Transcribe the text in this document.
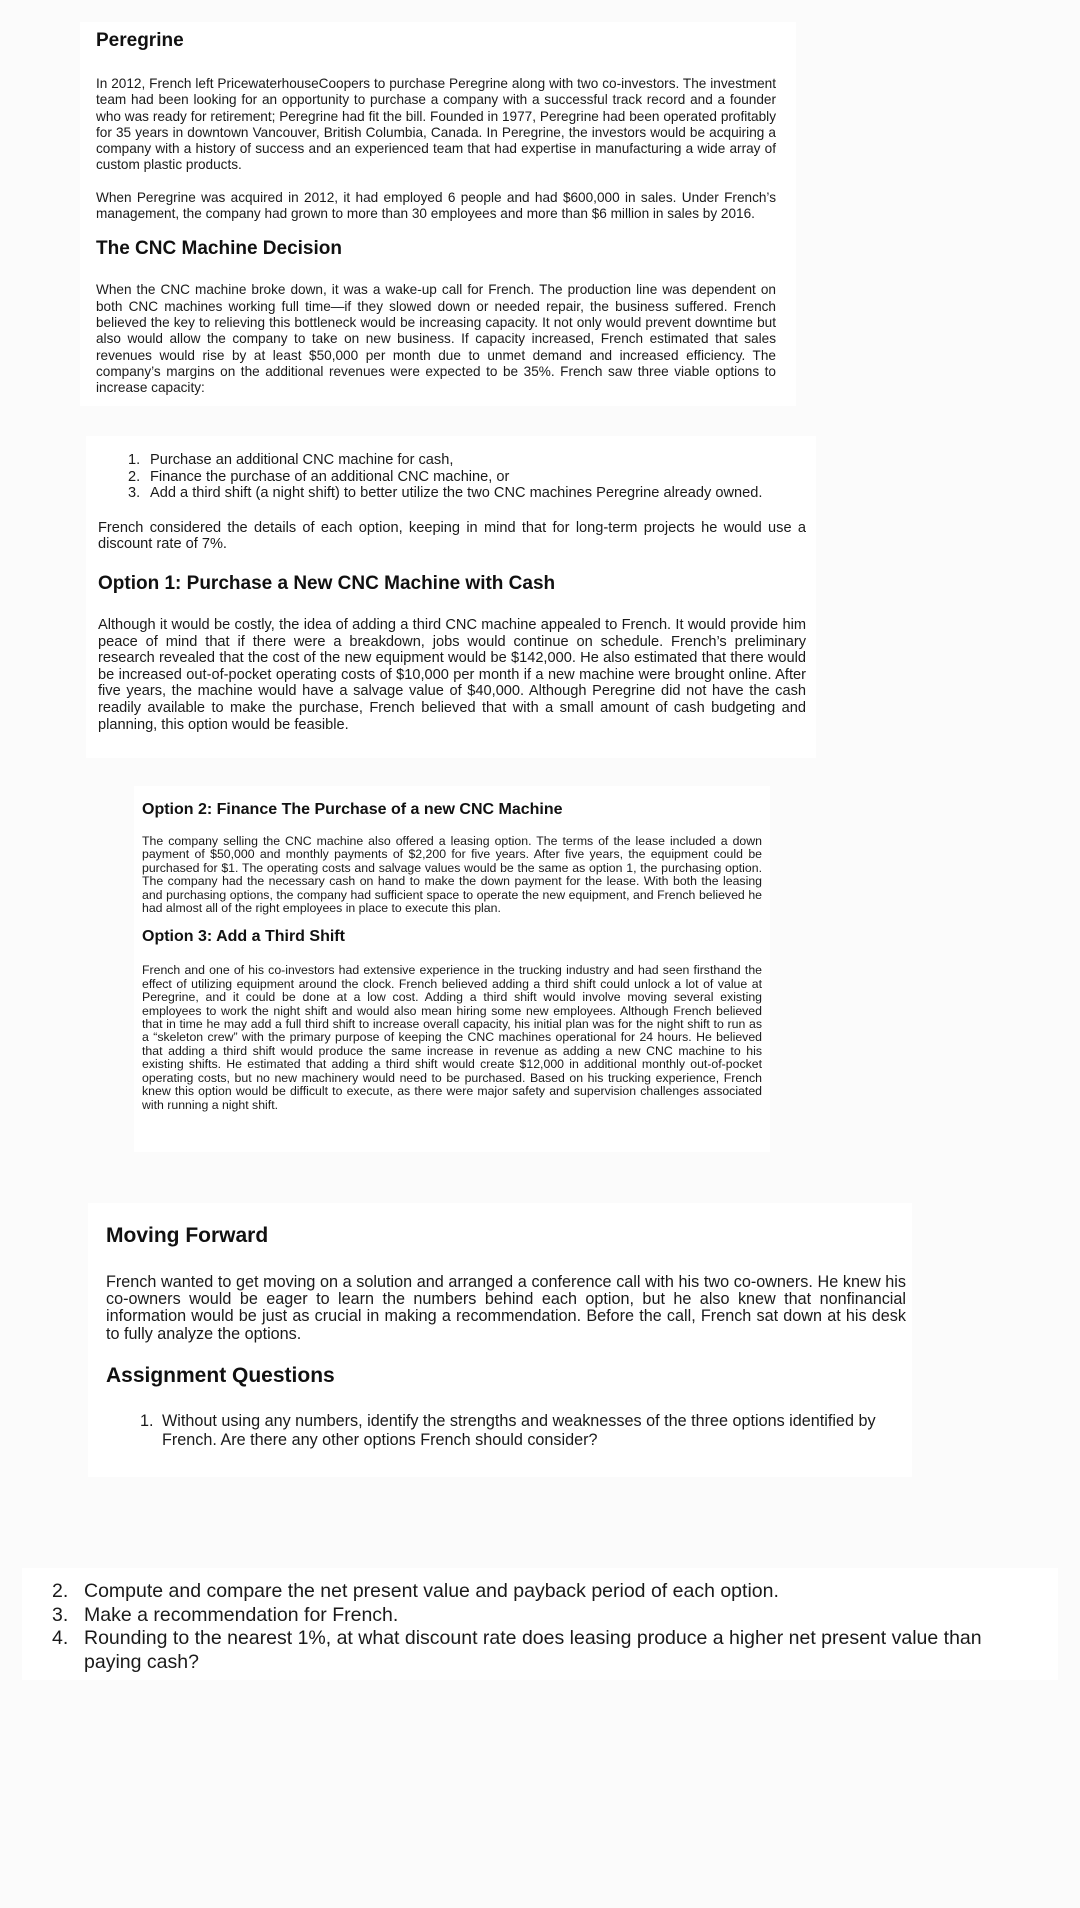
Peregrine

In 2012, French left PricewaterhouseCoopers to purchase Peregrine along with two co-investors. The investment team had been looking for an opportunity to purchase a company with a successful track record and a founder who was ready for retirement; Peregrine had fit the bill. Founded in 1977, Peregrine had been operated profitably for 35 years in downtown Vancouver, British Columbia, Canada. In Peregrine, the investors would be acquiring a company with a history of success and an experienced team that had expertise in manufacturing a wide array of custom plastic products.

When Peregrine was acquired in 2012, it had employed 6 people and had $600,000 in sales. Under French’s management, the company had grown to more than 30 employees and more than $6 million in sales by 2016.

The CNC Machine Decision

When the CNC machine broke down, it was a wake-up call for French. The production line was dependent on both CNC machines working full time—if they slowed down or needed repair, the business suffered. French believed the key to relieving this bottleneck would be increasing capacity. It not only would prevent downtime but also would allow the company to take on new business. If capacity increased, French estimated that sales revenues would rise by at least $50,000 per month due to unmet demand and increased efficiency. The company’s margins on the additional revenues were expected to be 35%. French saw three viable options to increase capacity:

1. Purchase an additional CNC machine for cash,
2. Finance the purchase of an additional CNC machine, or
3. Add a third shift (a night shift) to better utilize the two CNC machines Peregrine already owned.

French considered the details of each option, keeping in mind that for long-term projects he would use a discount rate of 7%.

Option 1: Purchase a New CNC Machine with Cash

Although it would be costly, the idea of adding a third CNC machine appealed to French. It would provide him peace of mind that if there were a breakdown, jobs would continue on schedule. French’s preliminary research revealed that the cost of the new equipment would be $142,000. He also estimated that there would be increased out-of-pocket operating costs of $10,000 per month if a new machine were brought online. After five years, the machine would have a salvage value of $40,000. Although Peregrine did not have the cash readily available to make the purchase, French believed that with a small amount of cash budgeting and planning, this option would be feasible.

Option 2: Finance The Purchase of a new CNC Machine

The company selling the CNC machine also offered a leasing option. The terms of the lease included a down payment of $50,000 and monthly payments of $2,200 for five years. After five years, the equipment could be purchased for $1. The operating costs and salvage values would be the same as option 1, the purchasing option. The company had the necessary cash on hand to make the down payment for the lease. With both the leasing and purchasing options, the company had sufficient space to operate the new equipment, and French believed he had almost all of the right employees in place to execute this plan.

Option 3: Add a Third Shift

French and one of his co-investors had extensive experience in the trucking industry and had seen firsthand the effect of utilizing equipment around the clock. French believed adding a third shift could unlock a lot of value at Peregrine, and it could be done at a low cost. Adding a third shift would involve moving several existing employees to work the night shift and would also mean hiring some new employees. Although French believed that in time he may add a full third shift to increase overall capacity, his initial plan was for the night shift to run as a “skeleton crew” with the primary purpose of keeping the CNC machines operational for 24 hours. He believed that adding a third shift would produce the same increase in revenue as adding a new CNC machine to his existing shifts. He estimated that adding a third shift would create $12,000 in additional monthly out-of-pocket operating costs, but no new machinery would need to be purchased. Based on his trucking experience, French knew this option would be difficult to execute, as there were major safety and supervision challenges associated with running a night shift.

Moving Forward

French wanted to get moving on a solution and arranged a conference call with his two co-owners. He knew his co-owners would be eager to learn the numbers behind each option, but he also knew that nonfinancial information would be just as crucial in making a recommendation. Before the call, French sat down at his desk to fully analyze the options.

Assignment Questions
1. Without using any numbers, identify the strengths and weaknesses of the three options identified by French. Are there any other options French should consider?
2. Compute and compare the net present value and payback period of each option.
3. Make a recommendation for French.
4. Rounding to the nearest 1%, at what discount rate does leasing produce a higher net present value than paying cash?
